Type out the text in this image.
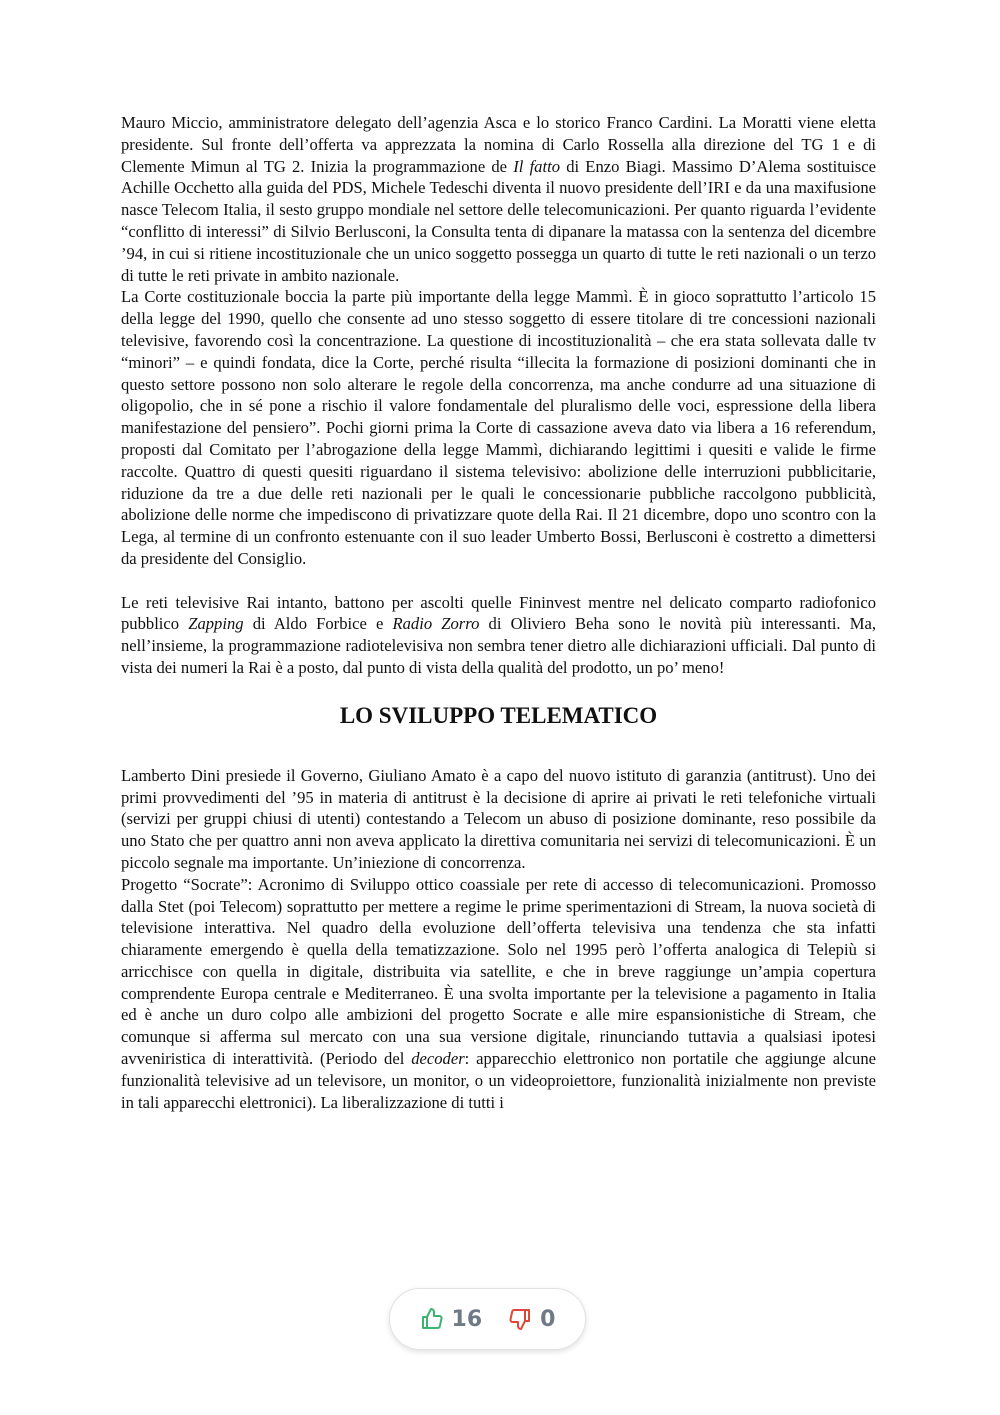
Mauro Miccio, amministratore delegato dell’agenzia Asca e lo storico Franco Cardini. La Moratti viene eletta presidente. Sul fronte dell’offerta va apprezzata la nomina di Carlo Rossella alla direzione del TG 1 e di Clemente Mimun al TG 2. Inizia la programmazione de Il fatto di Enzo Biagi. Massimo D’Alema sostituisce Achille Occhetto alla guida del PDS, Michele Tedeschi diventa il nuovo presidente dell’IRI e da una maxifusione nasce Telecom Italia, il sesto gruppo mondiale nel settore delle telecomunicazioni. Per quanto riguarda l’evidente “conflitto di interessi” di Silvio Berlusconi, la Consulta tenta di dipanare la matassa con la sentenza del dicembre ’94, in cui si ritiene incostituzionale che un unico soggetto possegga un quarto di tutte le reti nazionali o un terzo di tutte le reti private in ambito nazionale.

La Corte costituzionale boccia la parte più importante della legge Mammì. È in gioco soprattutto l’articolo 15 della legge del 1990, quello che consente ad uno stesso soggetto di essere titolare di tre concessioni nazionali televisive, favorendo così la concentrazione. La questione di incostituzionalità – che era stata sollevata dalle tv “minori” – e quindi fondata, dice la Corte, perché risulta “illecita la formazione di posizioni dominanti che in questo settore possono non solo alterare le regole della concorrenza, ma anche condurre ad una situazione di oligopolio, che in sé pone a rischio il valore fondamentale del pluralismo delle voci, espressione della libera manifestazione del pensiero”. Pochi giorni prima la Corte di cassazione aveva dato via libera a 16 referendum, proposti dal Comitato per l’abrogazione della legge Mammì, dichiarando legittimi i quesiti e valide le firme raccolte. Quattro di questi quesiti riguardano il sistema televisivo: abolizione delle interruzioni pubblicitarie, riduzione da tre a due delle reti nazionali per le quali le concessionarie pubbliche raccolgono pubblicità, abolizione delle norme che impediscono di privatizzare quote della Rai. Il 21 dicembre, dopo uno scontro con la Lega, al termine di un confronto estenuante con il suo leader Umberto Bossi, Berlusconi è costretto a dimettersi da presidente del Consiglio.

Le reti televisive Rai intanto, battono per ascolti quelle Fininvest mentre nel delicato comparto radiofonico pubblico Zapping di Aldo Forbice e Radio Zorro di Oliviero Beha sono le novità più interessanti. Ma, nell’insieme, la programmazione radiotelevisiva non sembra tener dietro alle dichiarazioni ufficiali. Dal punto di vista dei numeri la Rai è a posto, dal punto di vista della qualità del prodotto, un po’ meno!

LO SVILUPPO TELEMATICO

Lamberto Dini presiede il Governo, Giuliano Amato è a capo del nuovo istituto di garanzia (antitrust). Uno dei primi provvedimenti del ’95 in materia di antitrust è la decisione di aprire ai privati le reti telefoniche virtuali (servizi per gruppi chiusi di utenti) contestando a Telecom un abuso di posizione dominante, reso possibile da uno Stato che per quattro anni non aveva applicato la direttiva comunitaria nei servizi di telecomunicazioni. È un piccolo segnale ma importante. Un’iniezione di concorrenza.

Progetto “Socrate”: Acronimo di Sviluppo ottico coassiale per rete di accesso di telecomunicazioni. Promosso dalla Stet (poi Telecom) soprattutto per mettere a regime le prime sperimentazioni di Stream, la nuova società di televisione interattiva. Nel quadro della evoluzione dell’offerta televisiva una tendenza che sta infatti chiaramente emergendo è quella della tematizzazione. Solo nel 1995 però l’offerta analogica di Telepiù si arricchisce con quella in digitale, distribuita via satellite, e che in breve raggiunge un’ampia copertura comprendente Europa centrale e Mediterraneo. È una svolta importante per la televisione a pagamento in Italia ed è anche un duro colpo alle ambizioni del progetto Socrate e alle mire espansionistiche di Stream, che comunque si afferma sul mercato con una sua versione digitale, rinunciando tuttavia a qualsiasi ipotesi avveniristica di interattività. (Periodo del decoder: apparecchio elettronico non portatile che aggiunge alcune funzionalità televisive ad un televisore, un monitor, o un videoproiettore, funzionalità inizialmente non previste in tali apparecchi elettronici). La liberalizzazione di tutti i

16	0
